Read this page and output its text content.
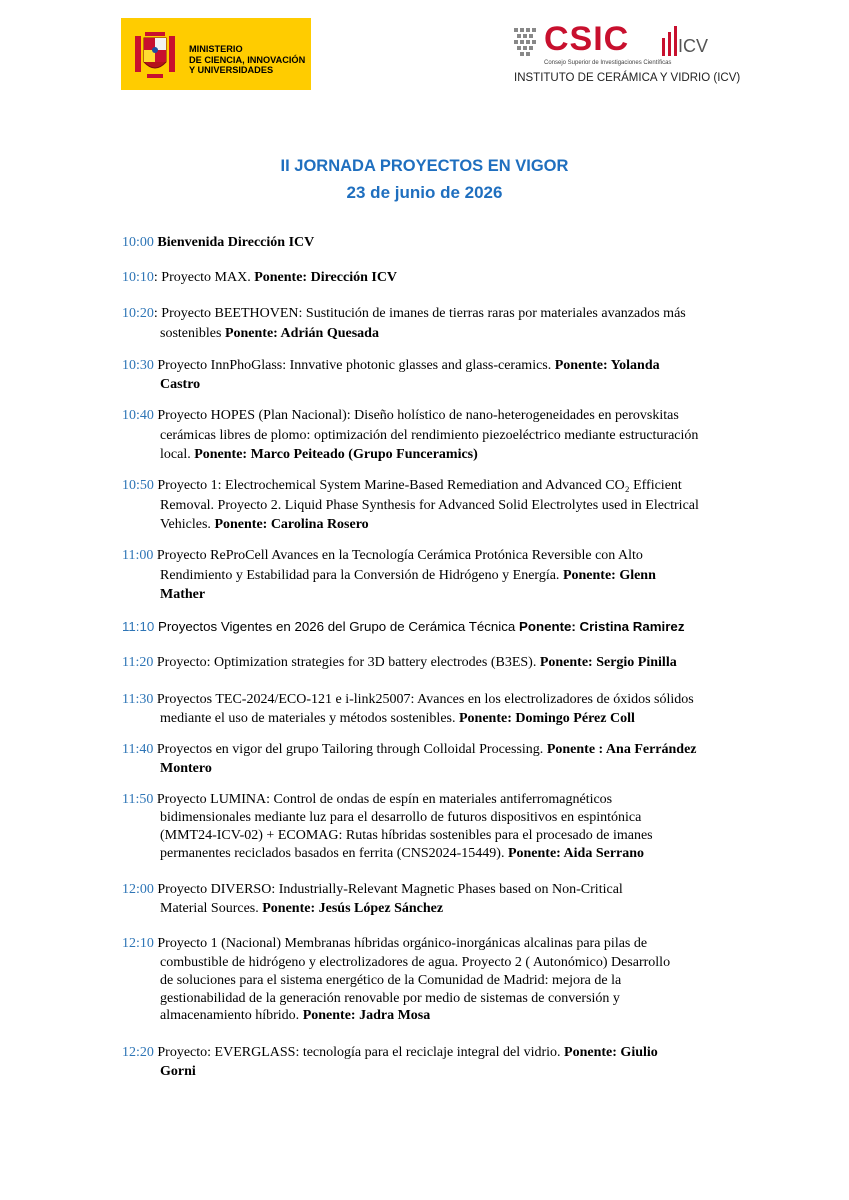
MINISTERIO
DE CIENCIA, INNOVACIÓN
Y UNIVERSIDADES
CSIC	ICV
Consejo Superior de Investigaciones Científicas
INSTITUTO DE CERÁMICA Y VIDRIO (ICV)
II JORNADA PROYECTOS EN VIGOR
23 de junio de 2026
10:00 Bienvenida Dirección ICV
10:10: Proyecto MAX. Ponente: Dirección ICV
10:20: Proyecto BEETHOVEN: Sustitución de imanes de tierras raras por materiales avanzados más
sostenibles Ponente: Adrián Quesada
10:30 Proyecto InnPhoGlass: Innvative photonic glasses and glass-ceramics. Ponente: Yolanda
Castro
10:40 Proyecto HOPES (Plan Nacional): Diseño holístico de nano-heterogeneidades en perovskitas
cerámicas libres de plomo: optimización del rendimiento piezoeléctrico mediante estructuración
local. Ponente: Marco Peiteado (Grupo Funceramics)
10:50 Proyecto 1: Electrochemical System Marine-Based Remediation and Advanced CO₂ Efficient
Removal. Proyecto 2. Liquid Phase Synthesis for Advanced Solid Electrolytes used in Electrical
Vehicles. Ponente: Carolina Rosero
11:00 Proyecto ReProCell Avances en la Tecnología Cerámica Protónica Reversible con Alto
Rendimiento y Estabilidad para la Conversión de Hidrógeno y Energía. Ponente: Glenn
Mather
11:10 Proyectos Vigentes en 2026 del Grupo de Cerámica Técnica Ponente: Cristina Ramirez
11:20 Proyecto: Optimization strategies for 3D battery electrodes (B3ES). Ponente: Sergio Pinilla
11:30 Proyectos TEC-2024/ECO-121 e i-link25007: Avances en los electrolizadores de óxidos sólidos
mediante el uso de materiales y métodos sostenibles. Ponente: Domingo Pérez Coll
11:40 Proyectos en vigor del grupo Tailoring through Colloidal Processing. Ponente : Ana Ferrández
Montero
11:50 Proyecto LUMINA: Control de ondas de espín en materiales antiferromagnéticos
bidimensionales mediante luz para el desarrollo de futuros dispositivos en espintónica
(MMT24-ICV-02) + ECOMAG: Rutas híbridas sostenibles para el procesado de imanes
permanentes reciclados basados en ferrita (CNS2024-15449). Ponente: Aida Serrano
12:00 Proyecto DIVERSO: Industrially-Relevant Magnetic Phases based on Non-Critical
Material Sources. Ponente: Jesús López Sánchez
12:10 Proyecto 1 (Nacional) Membranas híbridas orgánico-inorgánicas alcalinas para pilas de
combustible de hidrógeno y electrolizadores de agua. Proyecto 2 ( Autonómico) Desarrollo
de soluciones para el sistema energético de la Comunidad de Madrid: mejora de la
gestionabilidad de la generación renovable por medio de sistemas de conversión y
almacenamiento híbrido. Ponente: Jadra Mosa
12:20 Proyecto: EVERGLASS: tecnología para el reciclaje integral del vidrio. Ponente: Giulio
Gorni
